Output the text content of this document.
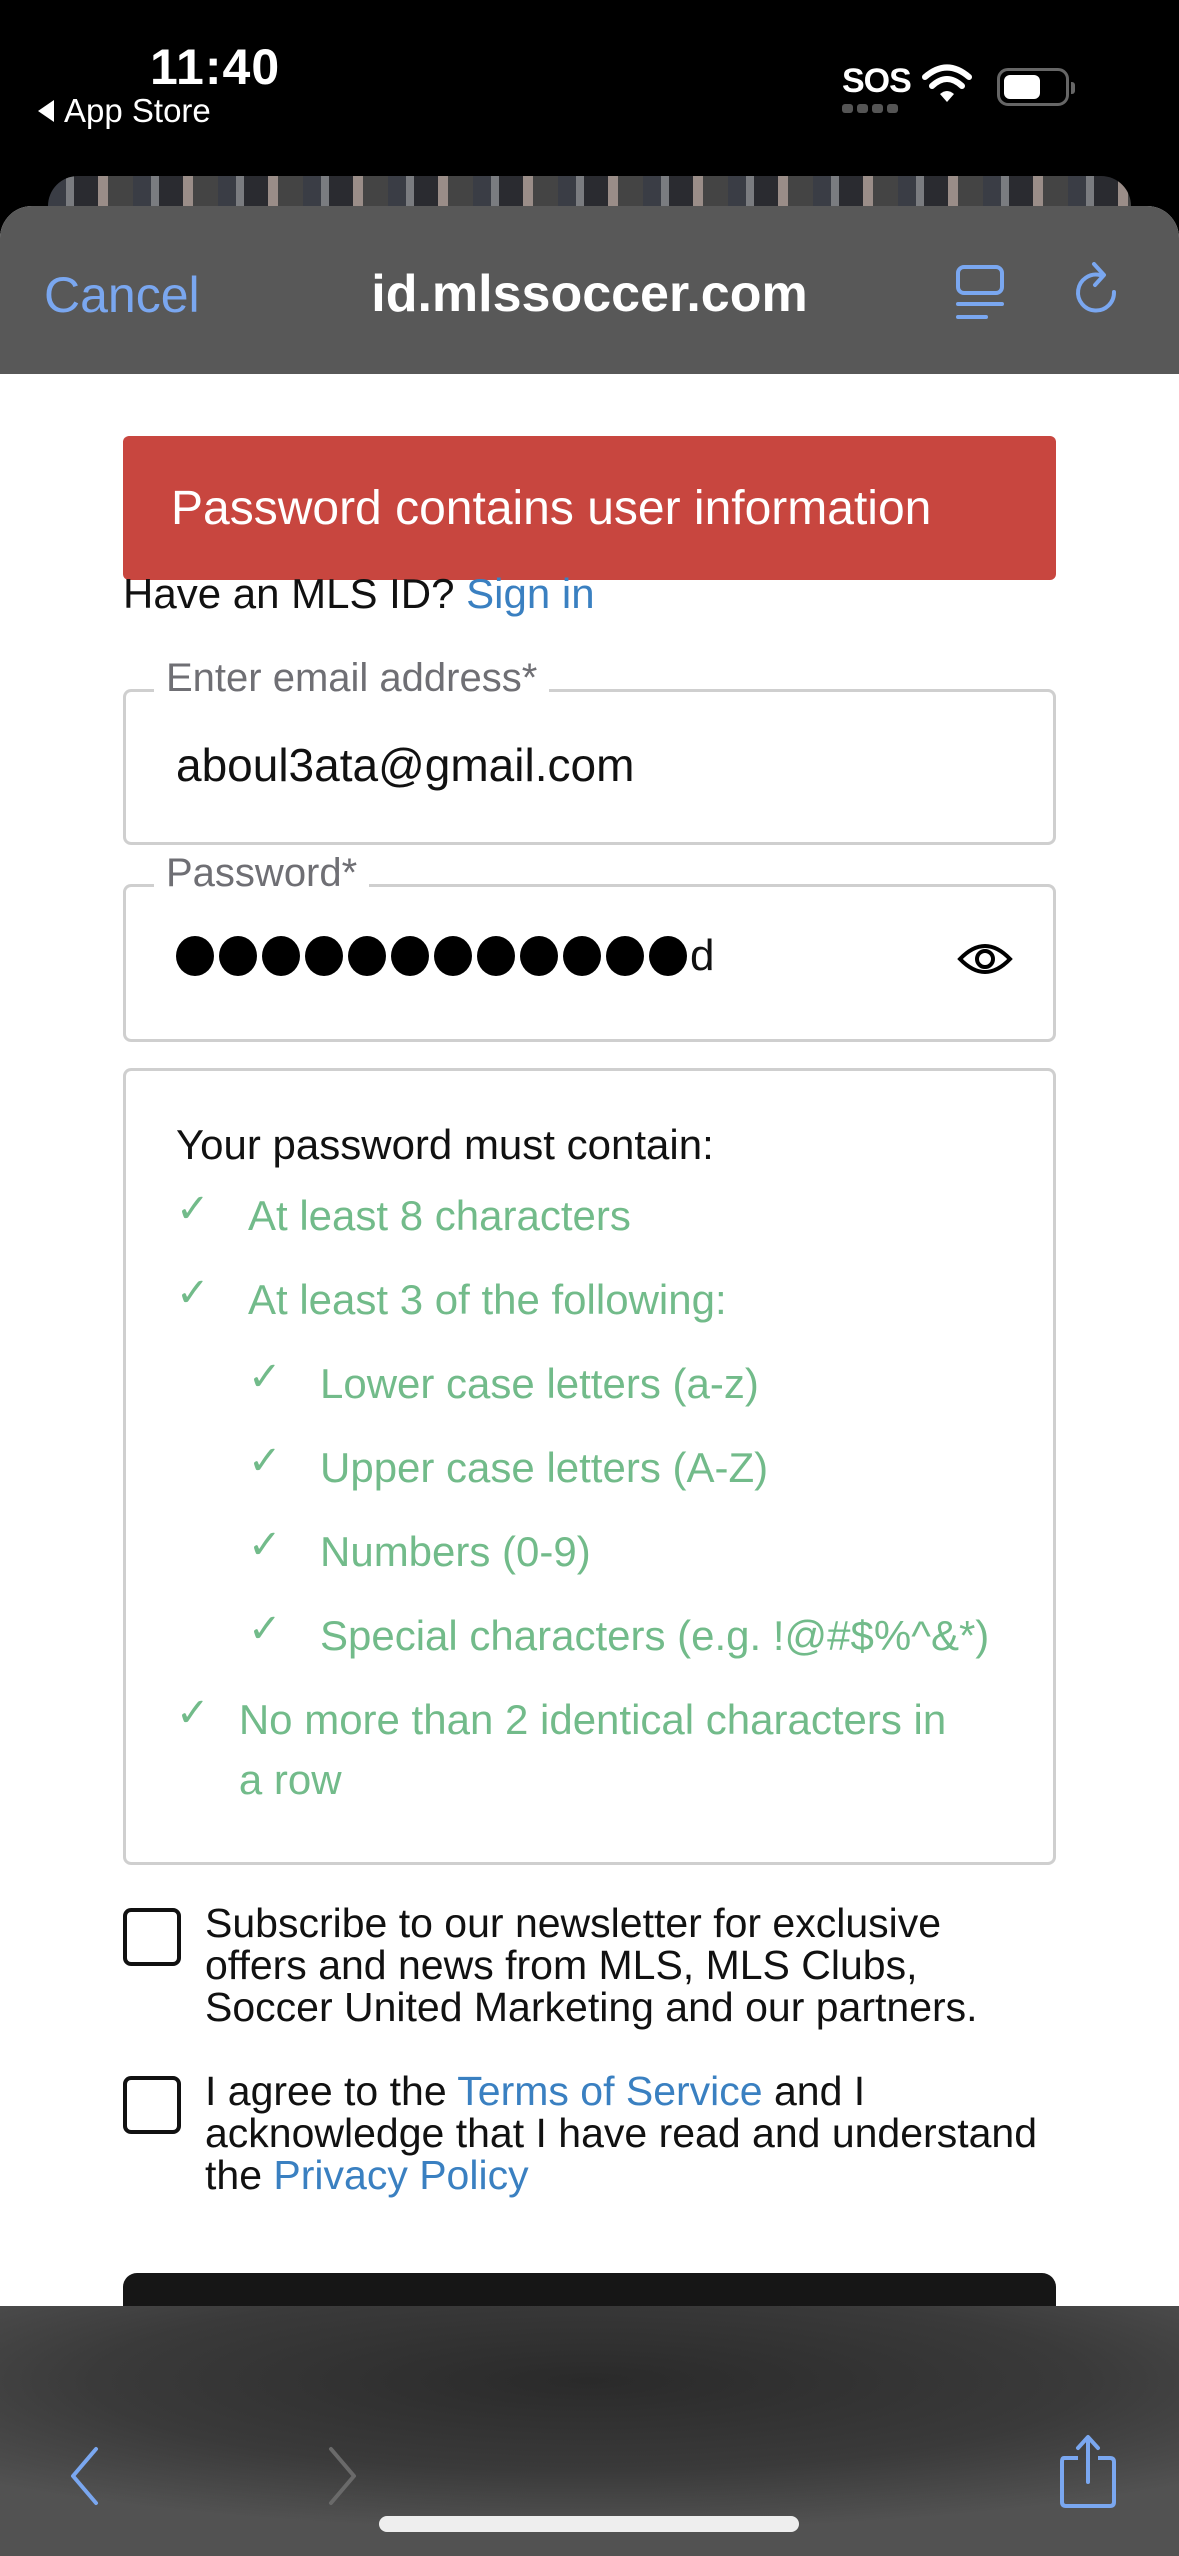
11:40
App Store
SOS
Cancel	id.mlssoccer.com
Password contains user information
Have an MLS ID? Sign in
Enter email address*
aboul3ata@gmail.com
Password*
d
Your password must contain:
✓ At least 8 characters
✓ At least 3 of the following:
✓ Lower case letters (a-z)
✓ Upper case letters (A-Z)
✓ Numbers (0-9)
✓ Special characters (e.g. !@#$%^&*)
✓ No more than 2 identical characters in a row
Subscribe to our newsletter for exclusive offers and news from MLS, MLS Clubs, Soccer United Marketing and our partners.
I agree to the Terms of Service and I acknowledge that I have read and understand the Privacy Policy
